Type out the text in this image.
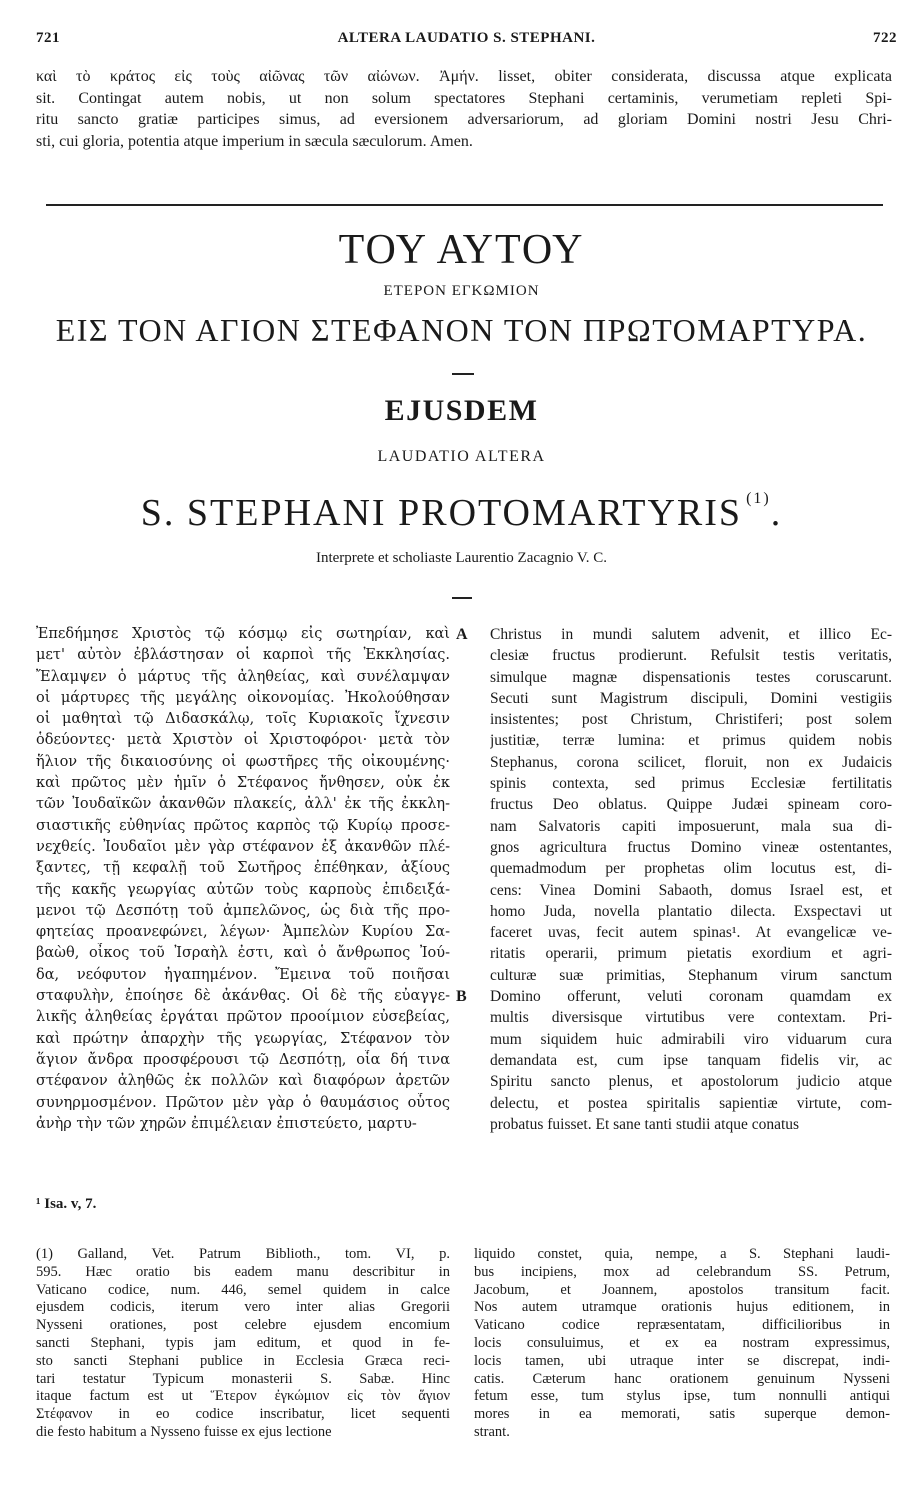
721	ALTERA LAUDATIO S. STEPHANI.	722
καὶ τὸ κράτος εἰς τοὺς αἰῶνας τῶν αἰώνων. Ἀμήν. lisset, obiter considerata, discussa atque explicata
sit. Contingat autem nobis, ut non solum spectatores Stephani certaminis, verumetiam repleti Spi-
ritu sancto gratiæ participes simus, ad eversionem adversariorum, ad gloriam Domini nostri Jesu Chri-
sti, cui gloria, potentia atque imperium in sæcula sæculorum. Amen.
ΤΟΥ ΑΥΤΟΥ
ΕΤΕΡΟΝ ΕΓΚΩΜΙΟΝ
ΕΙΣ ΤΟΝ ΑΓΙΟΝ ΣΤΕΦΑΝΟΝ ΤΟΝ ΠΡΩΤΟΜΑΡΤΥΡΑ.
EJUSDEM
LAUDATIO ALTERA
S. STEPHANI PROTOMARTYRIS $^{(1)}$.
Interprete et scholiaste Laurentio Zacagnio V. C.
A
B
Ἐπεδήμησε Χριστὸς τῷ κόσμῳ εἰς σωτηρίαν, καὶ
μετ' αὐτὸν ἐβλάστησαν οἱ καρποὶ τῆς Ἐκκλησίας.
Ἔλαμψεν ὁ μάρτυς τῆς ἀληθείας, καὶ συνέλαμψαν
οἱ μάρτυρες τῆς μεγάλης οἰκονομίας. Ἠκολούθησαν
οἱ μαθηταὶ τῷ Διδασκάλῳ, τοῖς Κυριακοῖς ἴχνεσιν
ὁδεύοντες· μετὰ Χριστὸν οἱ Χριστοφόροι· μετὰ τὸν
ἥλιον τῆς δικαιοσύνης οἱ φωστῆρες τῆς οἰκουμένης·
καὶ πρῶτος μὲν ἡμῖν ὁ Στέφανος ἤνθησεν, οὐκ ἐκ
τῶν Ἰουδαϊκῶν ἀκανθῶν πλακείς, ἀλλ' ἐκ τῆς ἐκκλη-
σιαστικῆς εὐθηνίας πρῶτος καρπὸς τῷ Κυρίῳ προσε-
νεχθείς. Ἰουδαῖοι μὲν γὰρ στέφανον ἐξ ἀκανθῶν πλέ-
ξαντες, τῇ κεφαλῇ τοῦ Σωτῆρος ἐπέθηκαν, ἀξίους
τῆς κακῆς γεωργίας αὐτῶν τοὺς καρποὺς ἐπιδειξά-
μενοι τῷ Δεσπότῃ τοῦ ἀμπελῶνος, ὡς διὰ τῆς προ-
φητείας προανεφώνει, λέγων· Ἀμπελὼν Κυρίου Σα-
βαὼθ, οἶκος τοῦ Ἰσραὴλ ἐστι, καὶ ὁ ἄνθρωπος Ἰού-
δα, νεόφυτον ἠγαπημένον. Ἔμεινα τοῦ ποιῆσαι
σταφυλὴν, ἐποίησε δὲ ἀκάνθας. Οἱ δὲ τῆς εὐαγγε-
λικῆς ἀληθείας ἐργάται πρῶτον προοίμιον εὐσεβείας,
καὶ πρώτην ἀπαρχὴν τῆς γεωργίας, Στέφανον τὸν
ἅγιον ἄνδρα προσφέρουσι τῷ Δεσπότῃ, οἷα δή τινα
στέφανον ἀληθῶς ἐκ πολλῶν καὶ διαφόρων ἀρετῶν
συνηρμοσμένον. Πρῶτον μὲν γὰρ ὁ θαυμάσιος οὗτος
ἀνὴρ τὴν τῶν χηρῶν ἐπιμέλειαν ἐπιστεύετο, μαρτυ-
Christus in mundi salutem advenit, et illico Ec-
clesiæ fructus prodierunt. Refulsit testis veritatis,
simulque magnæ dispensationis testes coruscarunt.
Secuti sunt Magistrum discipuli, Domini vestigiis
insistentes; post Christum, Christiferi; post solem
justitiæ, terræ lumina: et primus quidem nobis
Stephanus, corona scilicet, floruit, non ex Judaicis
spinis contexta, sed primus Ecclesiæ fertilitatis
fructus Deo oblatus. Quippe Judæi spineam coro-
nam Salvatoris capiti imposuerunt, mala sua di-
gnos agricultura fructus Domino vineæ ostentantes,
quemadmodum per prophetas olim locutus est, di-
cens: Vinea Domini Sabaoth, domus Israel est, et
homo Juda, novella plantatio dilecta. Exspectavi ut
faceret uvas, fecit autem spinas¹. At evangelicæ ve-
ritatis operarii, primum pietatis exordium et agri-
culturæ suæ primitias, Stephanum virum sanctum
Domino offerunt, veluti coronam quamdam ex
multis diversisque virtutibus vere contextam. Pri-
mum siquidem huic admirabili viro viduarum cura
demandata est, cum ipse tanquam fidelis vir, ac
Spiritu sancto plenus, et apostolorum judicio atque
delectu, et postea spiritalis sapientiæ virtute, com-
probatus fuisset. Et sane tanti studii atque conatus
¹ Isa. v, 7.
(1) Galland, Vet. Patrum Biblioth., tom. VI, p.
595. Hæc oratio bis eadem manu describitur in
Vaticano codice, num. 446, semel quidem in calce
ejusdem codicis, iterum vero inter alias Gregorii
Nysseni orationes, post celebre ejusdem encomium
sancti Stephani, typis jam editum, et quod in fe-
sto sancti Stephani publice in Ecclesia Græca reci-
tari testatur Typicum monasterii S. Sabæ. Hinc
itaque factum est ut Ἕτερον ἐγκώμιον εἰς τὸν ἅγιον
Στέφανον in eo codice inscribatur, licet sequenti
die festo habitum a Nysseno fuisse ex ejus lectione
liquido constet, quia, nempe, a S. Stephani laudi-
bus incipiens, mox ad celebrandum SS. Petrum,
Jacobum, et Joannem, apostolos transitum facit.
Nos autem utramque orationis hujus editionem, in
Vaticano codice repræsentatam, difficilioribus in
locis consuluimus, et ex ea nostram expressimus,
locis tamen, ubi utraque inter se discrepat, indi-
catis. Cæterum hanc orationem genuinum Nysseni
fetum esse, tum stylus ipse, tum nonnulli antiqui
mores in ea memorati, satis superque demon-
strant.
